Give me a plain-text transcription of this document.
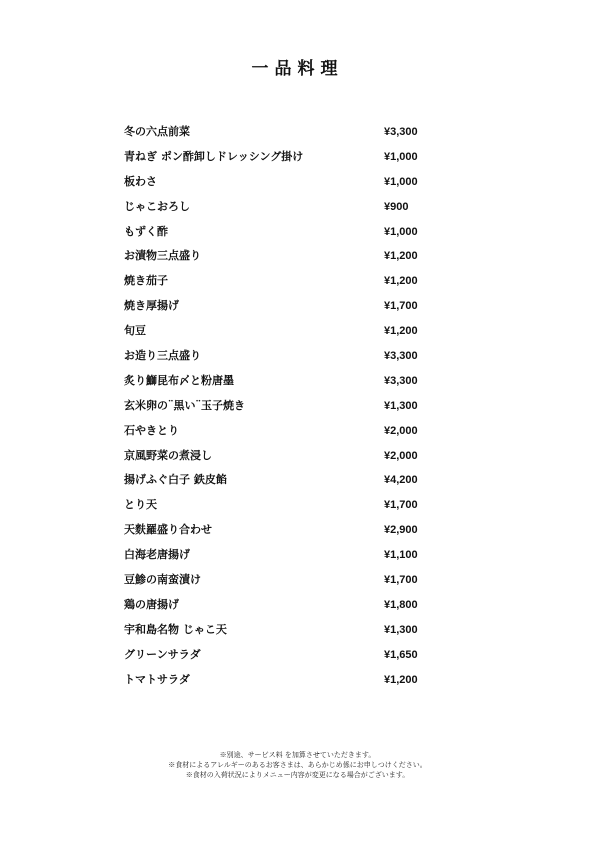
一品料理
冬の六点前菜	¥3,300
青ねぎ ポン酢卸しドレッシング掛け	¥1,000
板わさ	¥1,000
じゃこおろし	¥900
もずく酢	¥1,000
お漬物三点盛り	¥1,200
焼き茄子	¥1,200
焼き厚揚げ	¥1,700
旬豆	¥1,200
お造り三点盛り	¥3,300
炙り鰤昆布〆と粉唐墨	¥3,300
玄米卵の¨黒い¨玉子焼き	¥1,300
石やきとり	¥2,000
京風野菜の煮浸し	¥2,000
揚げふぐ白子 鉄皮餡	¥4,200
とり天	¥1,700
天麩羅盛り合わせ	¥2,900
白海老唐揚げ	¥1,100
豆鯵の南蛮漬け	¥1,700
鶏の唐揚げ	¥1,800
宇和島名物 じゃこ天	¥1,300
グリーンサラダ	¥1,650
トマトサラダ	¥1,200
※別途、サービス料 を加算させていただきます。
※食材によるアレルギーのあるお客さまは、あらかじめ係にお申しつけください。
※食材の入荷状況によりメニュー内容が変更になる場合がございます。
